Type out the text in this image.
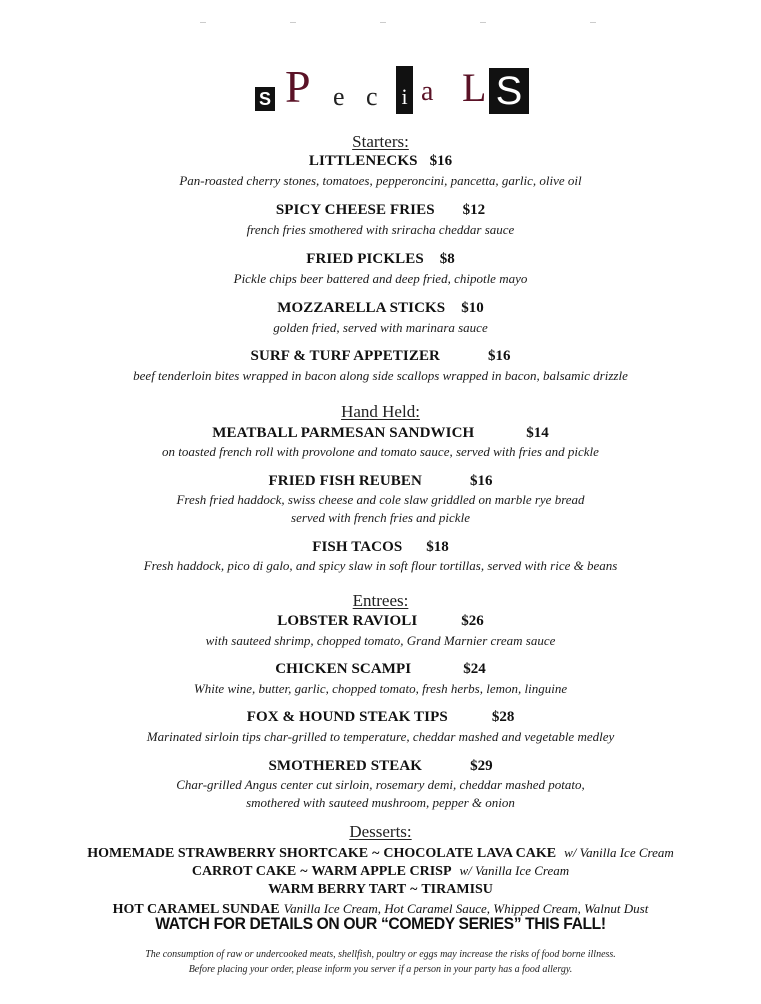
S P e c i a L S
Starters:
LITTLENECKS $16
Pan-roasted cherry stones, tomatoes, pepperoncini, pancetta, garlic, olive oil
SPICY CHEESE FRIES $12
french fries smothered with sriracha cheddar sauce
FRIED PICKLES $8
Pickle chips beer battered and deep fried, chipotle mayo
MOZZARELLA STICKS $10
golden fried, served with marinara sauce
SURF & TURF APPETIZER	$16
beef tenderloin bites wrapped in bacon along side scallops wrapped in bacon, balsamic drizzle
Hand Held:
MEATBALL PARMESAN SANDWICH	$14
on toasted french roll with provolone and tomato sauce, served with fries and pickle
FRIED FISH REUBEN	$16
Fresh fried haddock, swiss cheese and cole slaw griddled on marble rye bread
served with french fries and pickle
FISH TACOS $18
Fresh haddock, pico di galo, and spicy slaw in soft flour tortillas, served with rice & beans
Entrees:
LOBSTER RAVIOLI	$26
with sauteed shrimp, chopped tomato, Grand Marnier cream sauce
CHICKEN SCAMPI	$24
White wine, butter, garlic, chopped tomato, fresh herbs, lemon, linguine
FOX & HOUND STEAK TIPS	$28
Marinated sirloin tips char-grilled to temperature, cheddar mashed and vegetable medley
SMOTHERED STEAK	$29
Char-grilled Angus center cut sirloin, rosemary demi, cheddar mashed potato,
smothered with sauteed mushroom, pepper & onion
Desserts:
HOMEMADE STRAWBERRY SHORTCAKE ~ CHOCOLATE LAVA CAKE w/ Vanilla Ice Cream
CARROT CAKE ~ WARM APPLE CRISP w/ Vanilla Ice Cream
WARM BERRY TART ~ TIRAMISU
HOT CARAMEL SUNDAE Vanilla Ice Cream, Hot Caramel Sauce, Whipped Cream, Walnut Dust
WATCH FOR DETAILS ON OUR “COMEDY SERIES” THIS FALL!
The consumption of raw or undercooked meats, shellfish, poultry or eggs may increase the risks of food borne illness.
Before placing your order, please inform you server if a person in your party has a food allergy.
